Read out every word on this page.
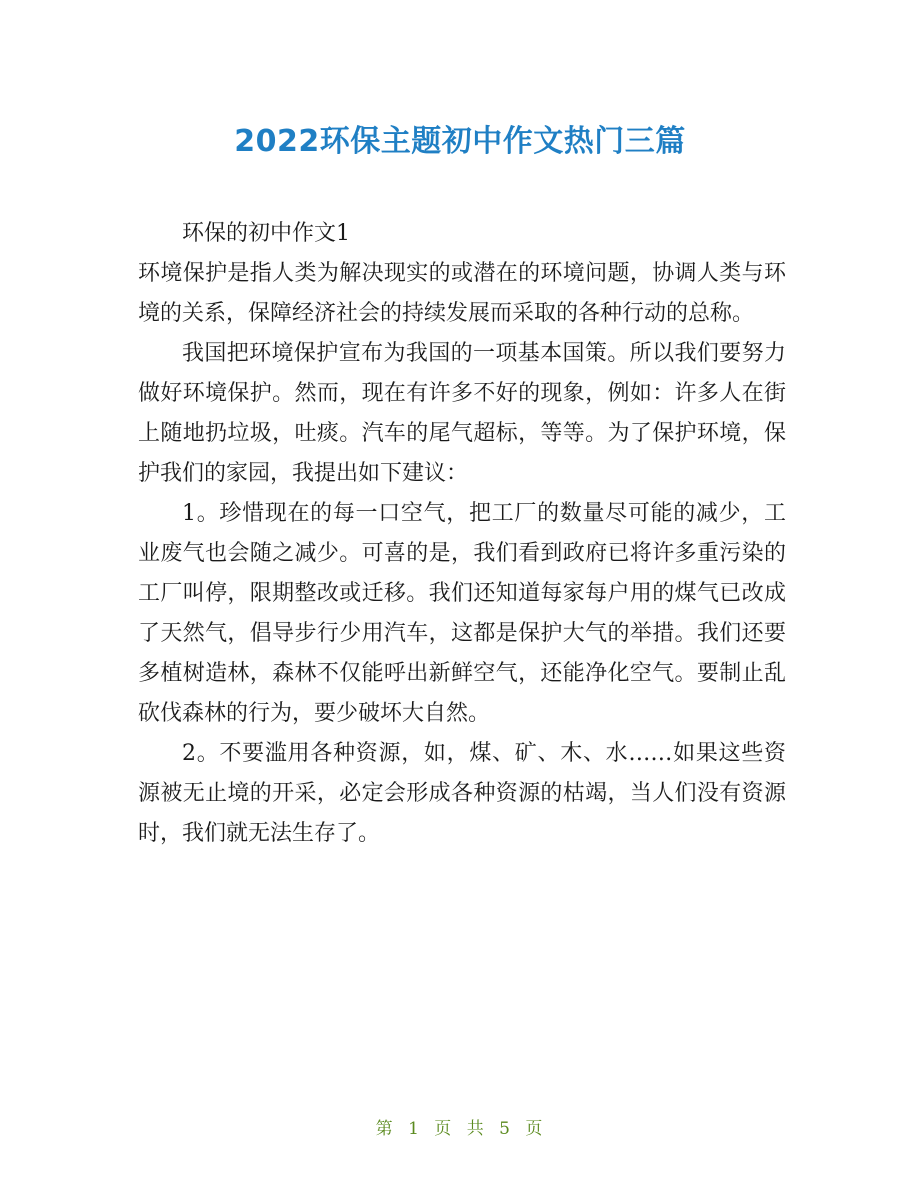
2022环保主题初中作文热门三篇

环保的初中作文1

环境保护是指人类为解决现实的或潜在的环境问题，协调人类与环境的关系，保障经济社会的持续发展而采取的各种行动的总称。

我国把环境保护宣布为我国的一项基本国策。所以我们要努力做好环境保护。然而，现在有许多不好的现象，例如：许多人在街上随地扔垃圾，吐痰。汽车的尾气超标，等等。为了保护环境，保护我们的家园，我提出如下建议：

1。珍惜现在的每一口空气，把工厂的数量尽可能的减少，工业废气也会随之减少。可喜的是，我们看到政府已将许多重污染的工厂叫停，限期整改或迁移。我们还知道每家每户用的煤气已改成了天然气，倡导步行少用汽车，这都是保护大气的举措。我们还要多植树造林，森林不仅能呼出新鲜空气，还能净化空气。要制止乱砍伐森林的行为，要少破坏大自然。

2。不要滥用各种资源，如，煤、矿、木、水……如果这些资源被无止境的开采，必定会形成各种资源的枯竭，当人们没有资源时，我们就无法生存了。

第 1 页 共 5 页
